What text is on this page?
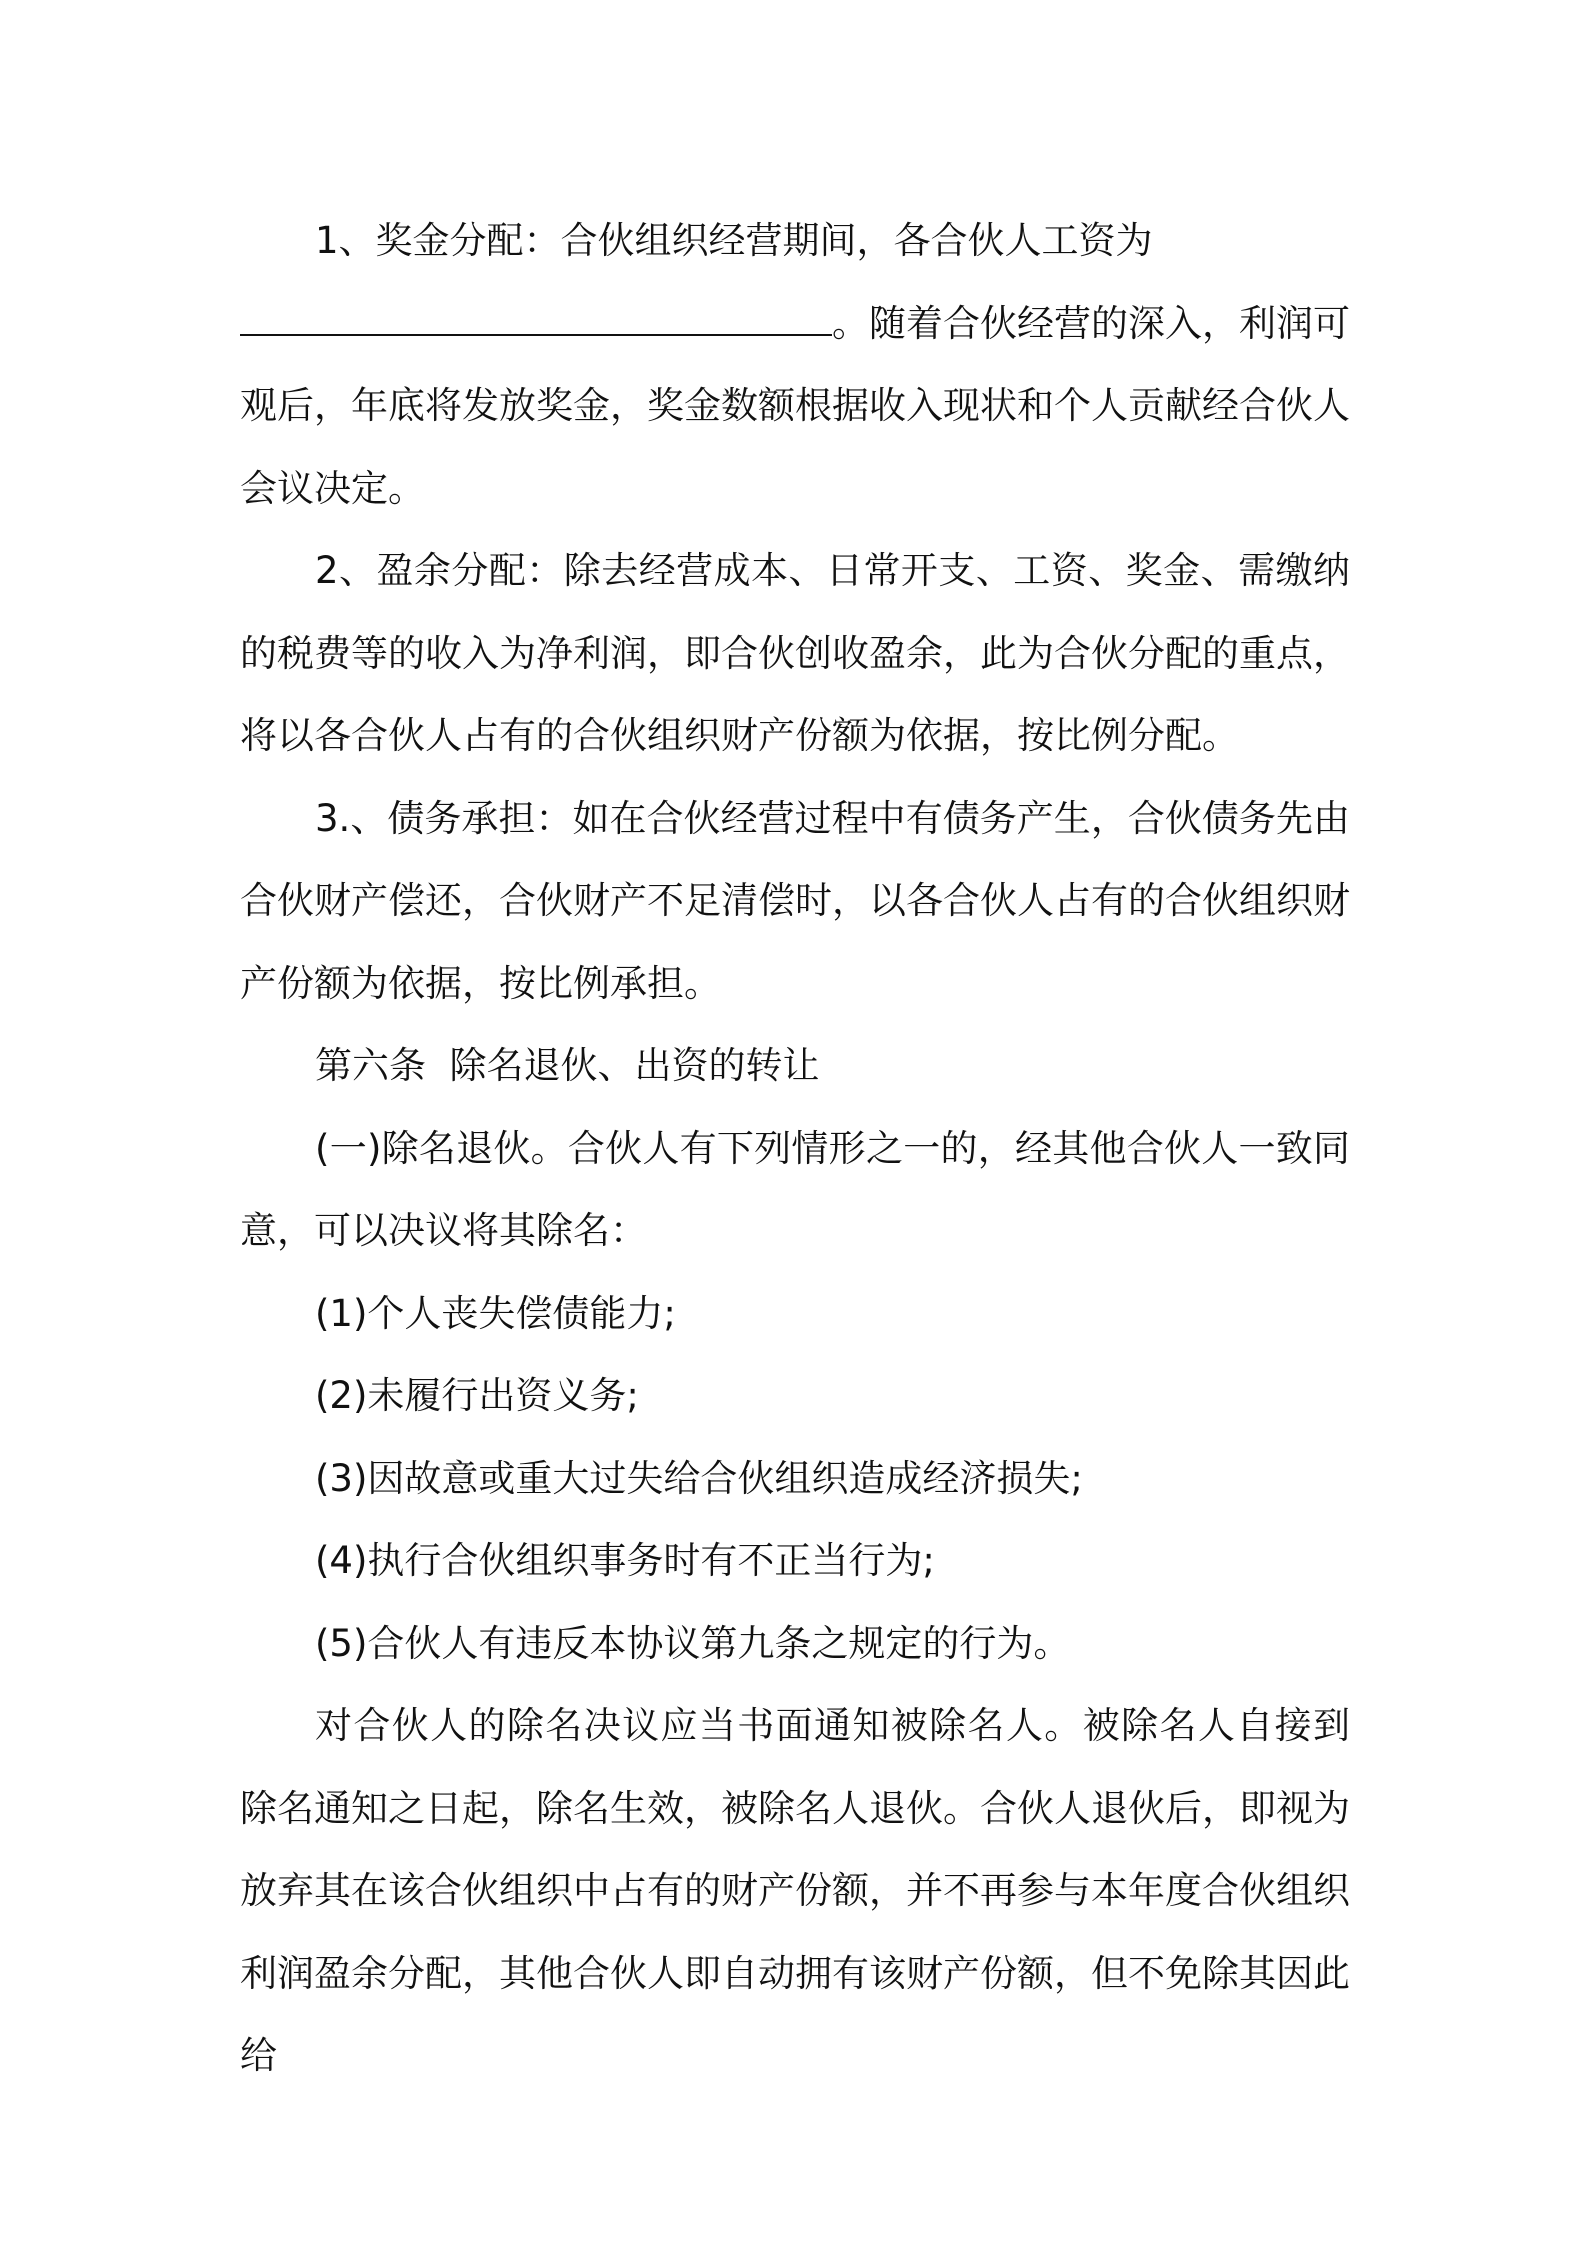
1、奖金分配：合伙组织经营期间，各合伙人工资为
。随着合伙经营的深入，利润可观后，年底将发放奖金，奖金数额根据收入现状和个人贡献经合伙人会议决定。

2、盈余分配：除去经营成本、日常开支、工资、奖金、需缴纳的税费等的收入为净利润，即合伙创收盈余，此为合伙分配的重点，将以各合伙人占有的合伙组织财产份额为依据，按比例分配。

3.、债务承担：如在合伙经营过程中有债务产生，合伙债务先由合伙财产偿还，合伙财产不足清偿时，以各合伙人占有的合伙组织财产份额为依据，按比例承担。

第六条  除名退伙、出资的转让

(一)除名退伙。合伙人有下列情形之一的，经其他合伙人一致同意，可以决议将其除名：

(1)个人丧失偿债能力;

(2)未履行出资义务;

(3)因故意或重大过失给合伙组织造成经济损失;

(4)执行合伙组织事务时有不正当行为;

(5)合伙人有违反本协议第九条之规定的行为。

对合伙人的除名决议应当书面通知被除名人。被除名人自接到除名通知之日起，除名生效，被除名人退伙。合伙人退伙后，即视为放弃其在该合伙组织中占有的财产份额，并不再参与本年度合伙组织利润盈余分配，其他合伙人即自动拥有该财产份额，但不免除其因此给
